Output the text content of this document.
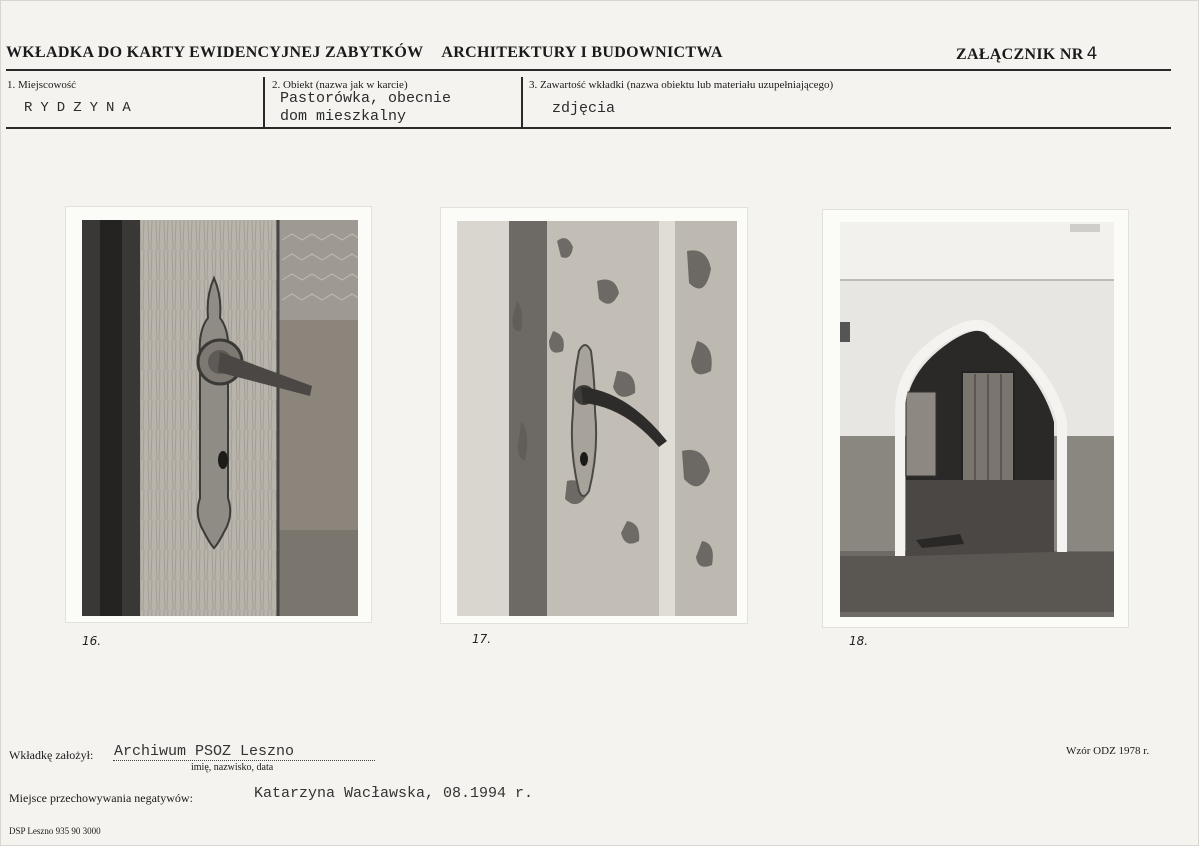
WKŁADKA DO KARTY EWIDENCYJNEJ ZABYTKÓW ARCHITEKTURY I BUDOWNICTWA	ZAŁĄCZNIK NR 4
1. Miejscowość
RYDZYNA
2. Obiekt (nazwa jak w karcie)
Pastorówka, obecnie
dom mieszkalny
3. Zawartość wkładki (nazwa obiektu lub materiału uzupełniającego)
zdjęcia
16.	17.	18.
Wkładkę założył: Archiwum PSOZ Leszno
imię, nazwisko, data
Wzór ODZ 1978 r.
Miejsce przechowywania negatywów:	Katarzyna Wacławska, 08.1994 r.
DSP Leszno 935 90 3000
